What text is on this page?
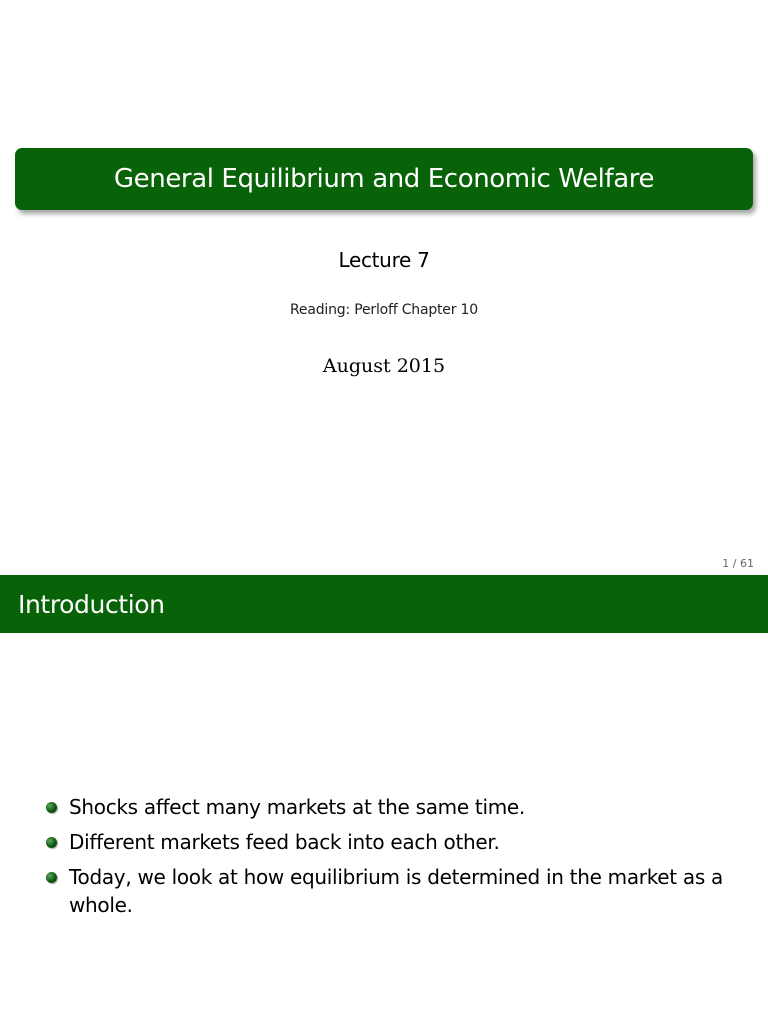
General Equilibrium and Economic Welfare
Lecture 7
Reading: Perloff Chapter 10
August 2015
1 / 61
Introduction
Shocks affect many markets at the same time.
Different markets feed back into each other.
Today, we look at how equilibrium is determined in the market as a whole.
